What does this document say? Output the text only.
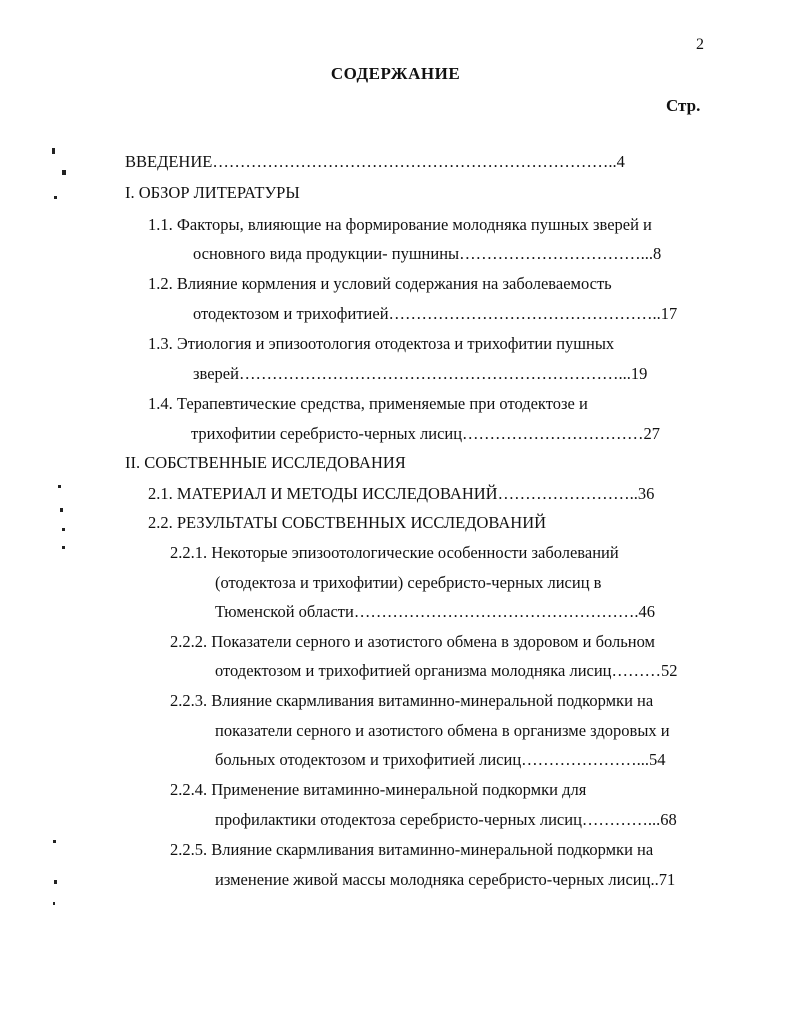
2
СОДЕРЖАНИЕ
Стр.
ВВЕДЕНИЕ………………………………………………………………..4
I. ОБЗОР ЛИТЕРАТУРЫ
1.1. Факторы, влияющие на формирование молодняка пушных зверей и
основного вида продукции- пушнины……………………………...8
1.2. Влияние кормления и условий содержания на заболеваемость
отодектозом и трихофитией…………………………………………..17
1.3. Этиология и эпизоотология отодектоза и трихофитии пушных
зверей……………………………………………………………...19
1.4. Терапевтические средства, применяемые при отодектозе и
трихофитии серебристо-черных лисиц……………………………27
II. СОБСТВЕННЫЕ ИССЛЕДОВАНИЯ
2.1. МАТЕРИАЛ И МЕТОДЫ ИССЛЕДОВАНИЙ……………………..36
2.2. РЕЗУЛЬТАТЫ СОБСТВЕННЫХ ИССЛЕДОВАНИЙ
2.2.1. Некоторые эпизоотологические особенности заболеваний
(отодектоза и трихофитии) серебристо-черных лисиц в
Тюменской области…………………………………………….46
2.2.2. Показатели серного и азотистого обмена в здоровом и больном
отодектозом и трихофитией организма молодняка лисиц………52
2.2.3. Влияние скармливания витаминно-минеральной подкормки на
показатели серного и азотистого обмена в организме здоровых и
больных отодектозом и трихофитией лисиц…………………...54
2.2.4. Применение витаминно-минеральной подкормки для
профилактики отодектоза серебристо-черных лисиц…………...68
2.2.5. Влияние скармливания витаминно-минеральной подкормки на
изменение живой массы молодняка серебристо-черных лисиц..71
